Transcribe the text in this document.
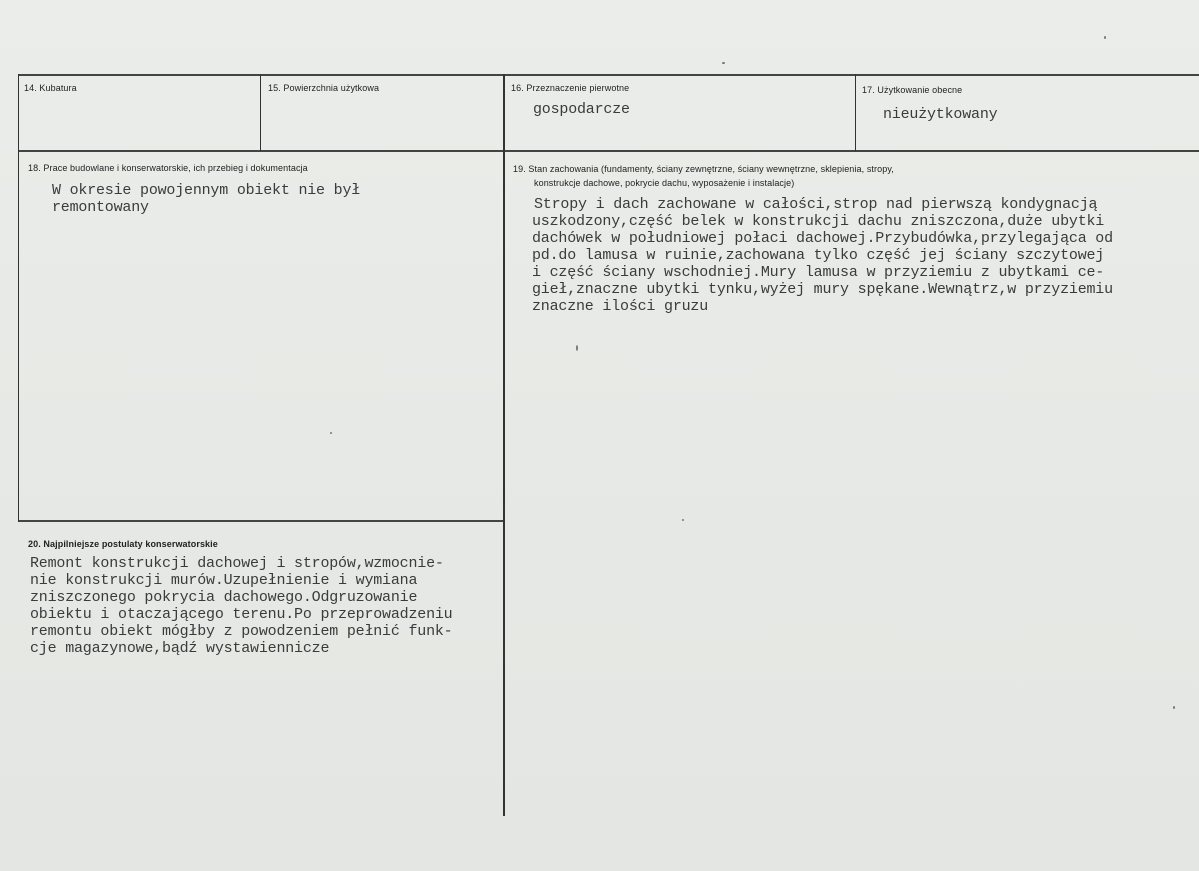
14. Kubatura	15. Powierzchnia użytkowa	16. Przeznaczenie pierwotne
gospodarcze
17. Użytkowanie obecne
nieużytkowany
18. Prace budowlane i konserwatorskie, ich przebieg i dokumentacja
W okresie powojennym obiekt nie był
remontowany
19. Stan zachowania (fundamenty, ściany zewnętrzne, ściany wewnętrzne, sklepienia, stropy,
konstrukcje dachowe, pokrycie dachu, wyposażenie i instalacje)
Stropy i dach zachowane w całości,strop nad pierwszą kondygnacją
uszkodzony,część belek w konstrukcji dachu zniszczona,duże ubytki
dachówek w południowej połaci dachowej.Przybudówka,przylegająca od
pd.do lamusa w ruinie,zachowana tylko część jej ściany szczytowej
i część ściany wschodniej.Mury lamusa w przyziemiu z ubytkami ce-
gieł,znaczne ubytki tynku,wyżej mury spękane.Wewnątrz,w przyziemiu
znaczne ilości gruzu
20. Najpilniejsze postulaty konserwatorskie
Remont konstrukcji dachowej i stropów,wzmocnie-
nie konstrukcji murów.Uzupełnienie i wymiana
zniszczonego pokrycia dachowego.Odgruzowanie
obiektu i otaczającego terenu.Po przeprowadzeniu
remontu obiekt mógłby z powodzeniem pełnić funk-
cje magazynowe,bądź wystawiennicze
